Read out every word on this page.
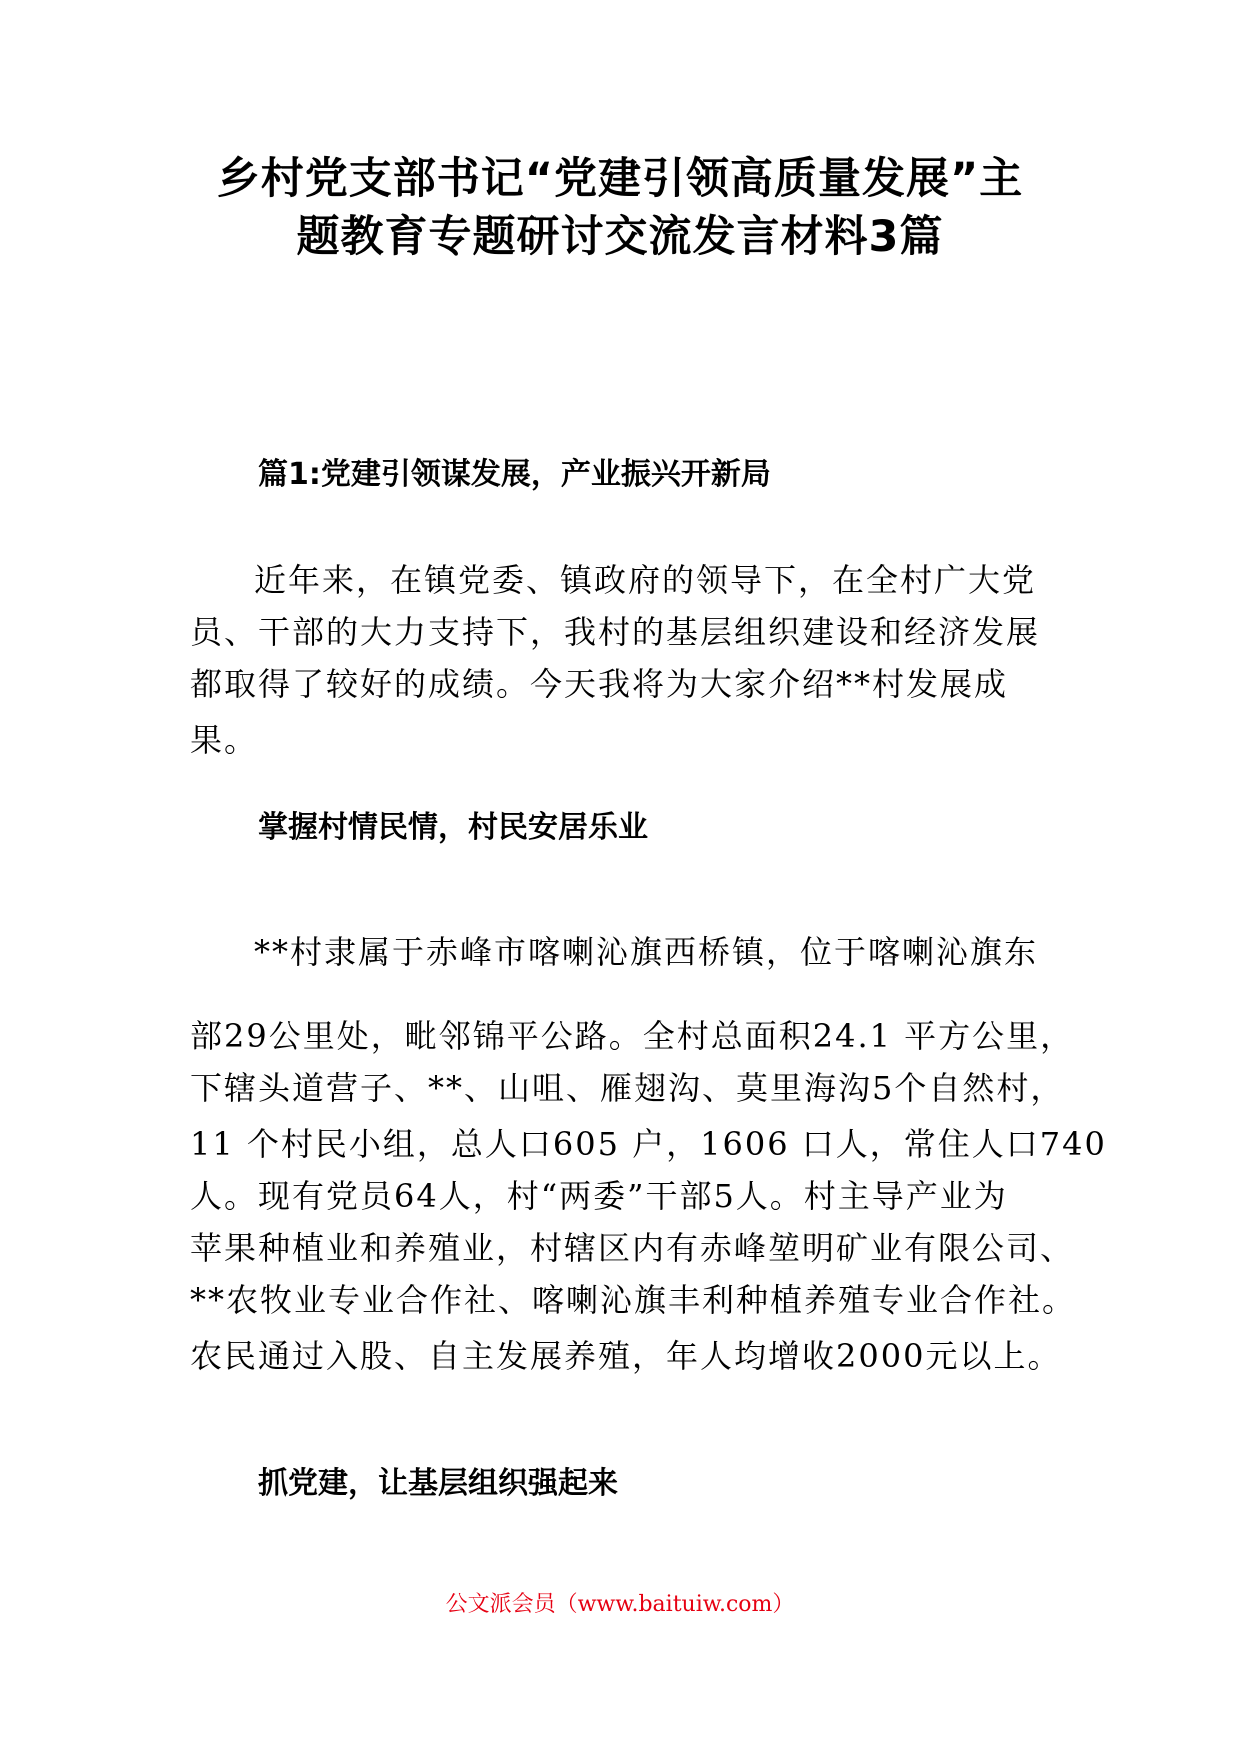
乡村党支部书记“党建引领高质量发展”主
题教育专题研讨交流发言材料3篇
篇1:党建引领谋发展，产业振兴开新局
近年来，在镇党委、镇政府的领导下，在全村广大党
员、干部的大力支持下，我村的基层组织建设和经济发展
都取得了较好的成绩。今天我将为大家介绍**村发展成
果。
掌握村情民情，村民安居乐业
**村隶属于赤峰市喀喇沁旗西桥镇，位于喀喇沁旗东
部29公里处，毗邻锦平公路。全村总面积24.1 平方公里，
下辖头道营子、**、山咀、雁翅沟、莫里海沟5个自然村，
11 个村民小组，总人口605 户，1606 口人，常住人口740
人。现有党员64人，村“两委”干部5人。村主导产业为
苹果种植业和养殖业，村辖区内有赤峰堃明矿业有限公司、
**农牧业专业合作社、喀喇沁旗丰利种植养殖专业合作社。
农民通过入股、自主发展养殖，年人均增收2000元以上。
抓党建，让基层组织强起来
公文派会员（www.baituiw.com）
